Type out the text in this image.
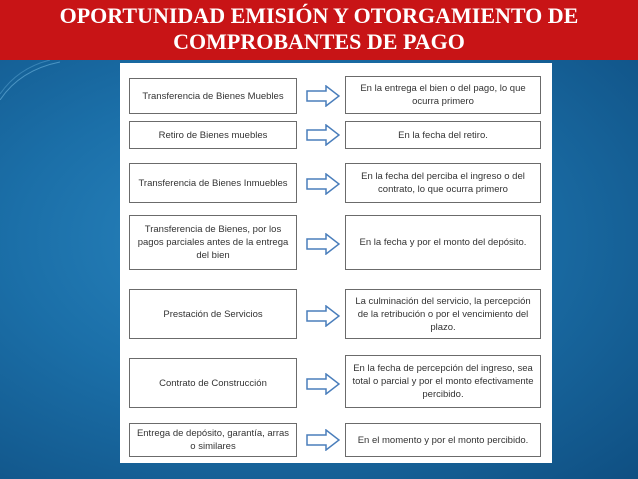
OPORTUNIDAD EMISIÓN Y OTORGAMIENTO DE
COMPROBANTES DE PAGO
Transferencia de Bienes Muebles
En la entrega el bien o del pago, lo que ocurra primero
Retiro de Bienes muebles	En la fecha del retiro.
Transferencia de Bienes Inmuebles
En la fecha del perciba el ingreso o del contrato, lo que ocurra primero
Transferencia de Bienes, por los pagos parciales antes de la entrega del bien
En la fecha y por el monto del depósito.
Prestación de Servicios
La culminación del servicio, la percepción de la retribución o por el vencimiento del plazo.
Contrato de Construcción
En la fecha de percepción del ingreso, sea total o parcial y por el monto efectivamente percibido.
Entrega de depósito, garantía, arras o similares
En el momento y por el monto percibido.
